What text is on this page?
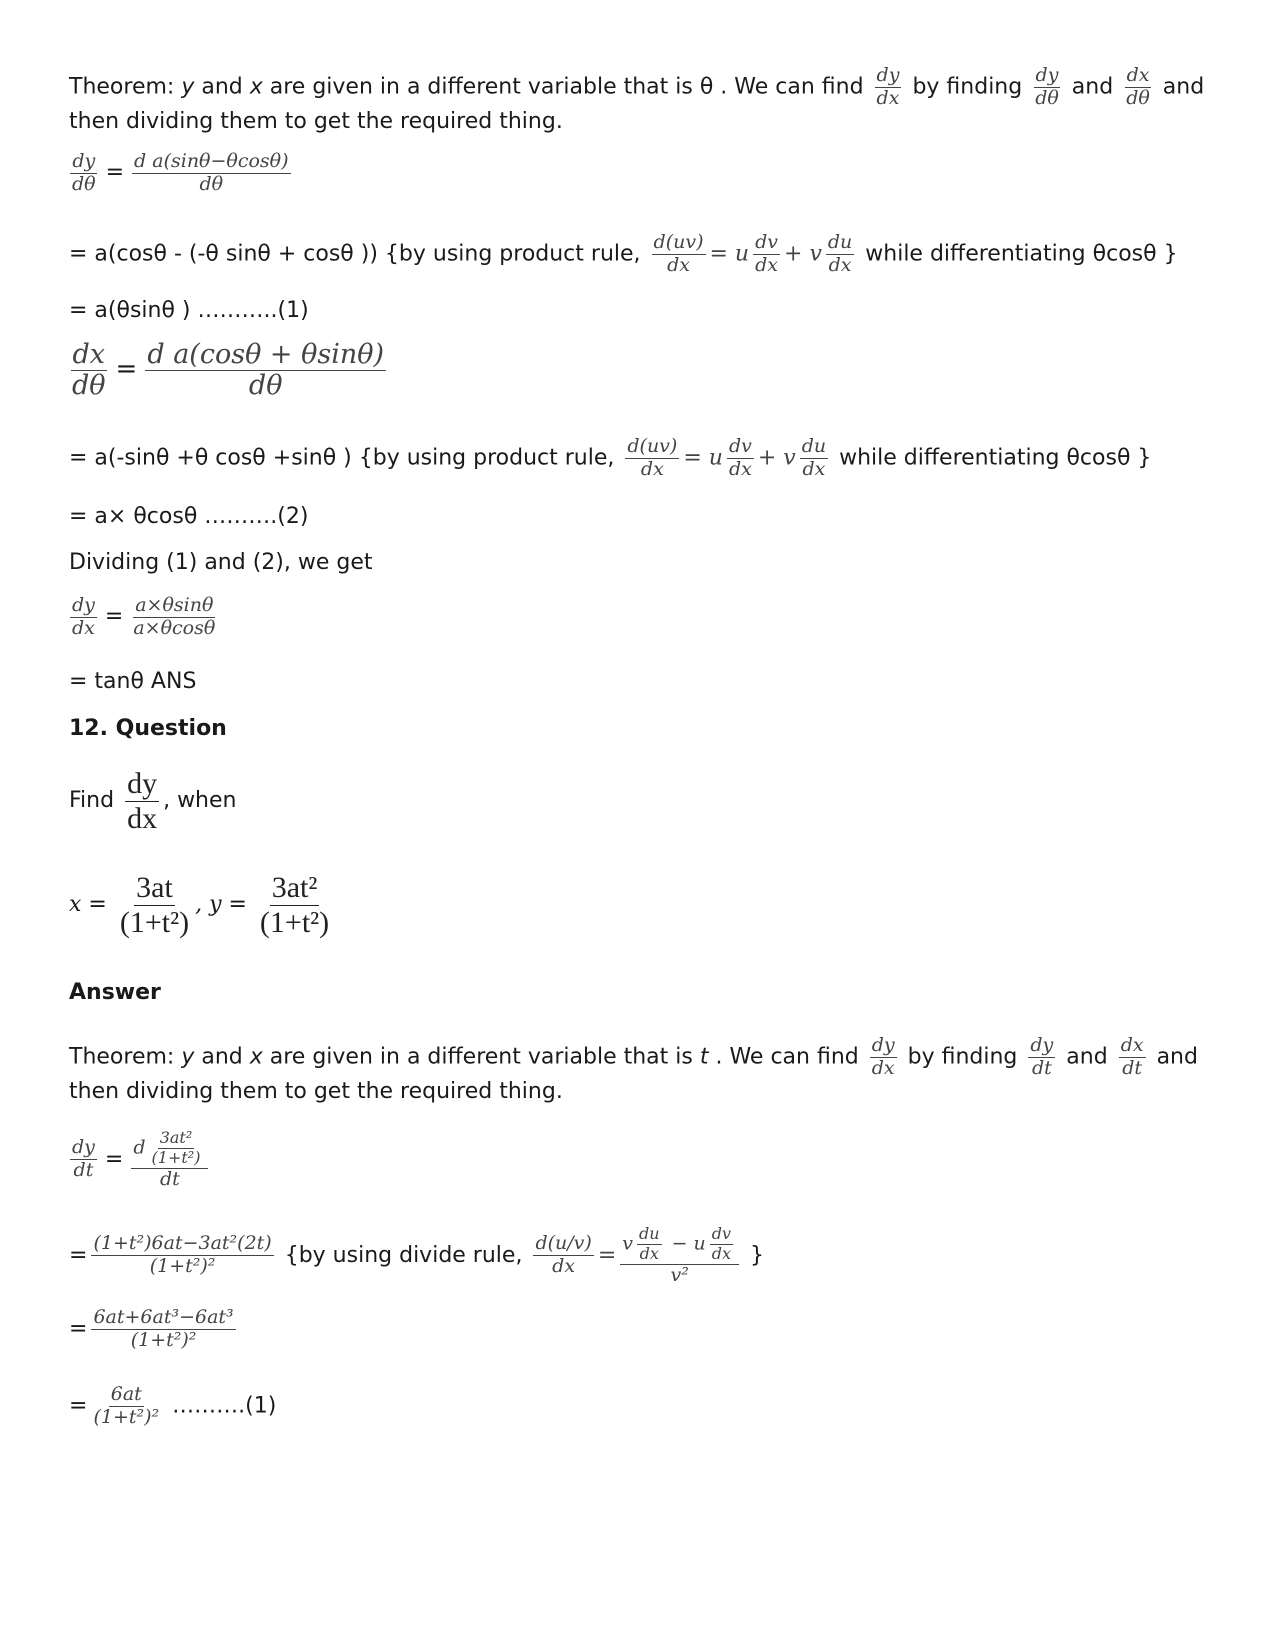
Theorem: y and x are given in a different variable that is θ . We can find $\frac{dy}{dx}$ by finding $\frac{dy}{d\theta}$ and $\frac{dx}{d\theta}$ and
then dividing them to get the required thing.
$\frac{dy}{d\theta} = \frac{\text{d a(sinθ−θcosθ)}}{d\theta}$
= a(cosθ - (-θ sinθ + cosθ )) {by using product rule, $\frac{d(uv)}{dx} = u \frac{dv}{dx} + v \frac{du}{dx}$ while differentiating θcosθ }
= a(θsinθ ) ………..(1)
$\frac{dx}{d\theta} = \frac{\text{d a(cosθ + θsinθ)}}{d\theta}$
= a(-sinθ +θ cosθ +sinθ ) {by using product rule, $\frac{d(uv)}{dx} = u \frac{dv}{dx} + v \frac{du}{dx}$ while differentiating θcosθ }
= a× θcosθ ……….(2)
Dividing (1) and (2), we get
$\frac{dy}{dx} = \frac{a\times\theta\sin\theta}{a\times\theta\cos\theta}$
= tanθ ANS
12. Question
Find $\frac{dy}{dx}$ , when
$x = \frac{3at}{\text{(1+t²)}}$ , $y = \frac{\text{3at²}}{\text{(1+t²)}}$
Answer
Theorem: y and x are given in a different variable that is t . We can find $\frac{dy}{dx}$ by finding $\frac{dy}{dt}$ and $\frac{dx}{dt}$ and
then dividing them to get the required thing.
$\frac{dy}{dt} = \frac{d \frac{\text{3at²}}{\text{(1+t²)}}}{dt}$
= $\frac{\text{(1+t²)6at−3at²(2t)}}{\text{(1+t²)²}} \{by$ using divide rule, $\frac{d(u/v)}{dx} = \frac{v \frac{du}{dx} - u \frac{dv}{dx}}{\text{v²}}$ }
= $\frac{\text{6at+6at³−6at³}}{\text{(1+t²)²}}$
= $\frac{6at}{\text{(1+t²)²}}$ ……….(1)
